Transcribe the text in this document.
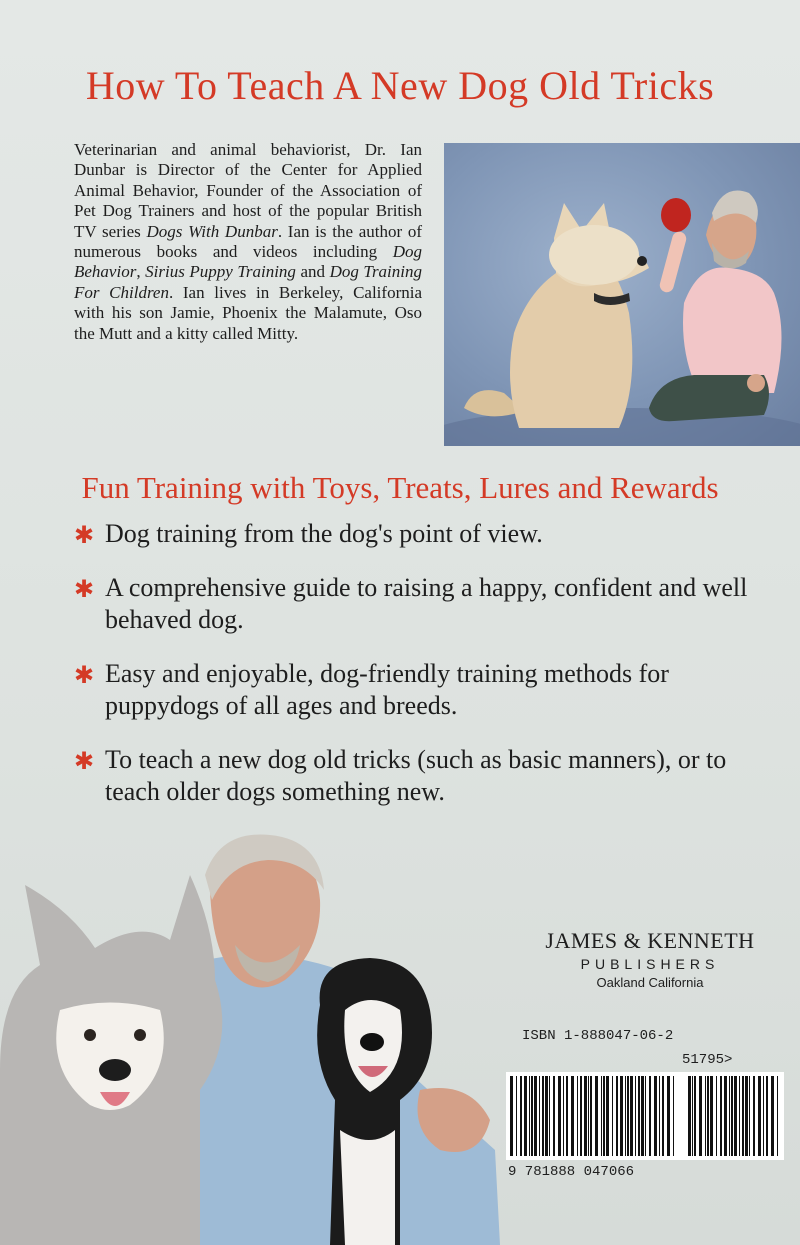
How To Teach A New Dog Old Tricks

Veterinarian and animal behaviorist, Dr. Ian Dunbar is Director of the Center for Applied Animal Behavior, Founder of the Association of Pet Dog Trainers and host of the popular British TV series Dogs With Dunbar. Ian is the author of numerous books and videos including Dog Behavior, Sirius Puppy Training and Dog Training For Children. Ian lives in Berkeley, California with his son Jamie, Phoenix the Malamute, Oso the Mutt and a kitty called Mitty.

Fun Training with Toys, Treats, Lures and Rewards
✱ Dog training from the dog's point of view.
✱ A comprehensive guide to raising a happy, confident and well behaved dog.
✱ Easy and enjoyable, dog-friendly training methods for puppydogs of all ages and breeds.
✱ To teach a new dog old tricks (such as basic manners), or to teach older dogs something new.
JAMES & KENNETH
PUBLISHERS
Oakland California
ISBN 1-888047-06-2
51795>
9 781888 047066
